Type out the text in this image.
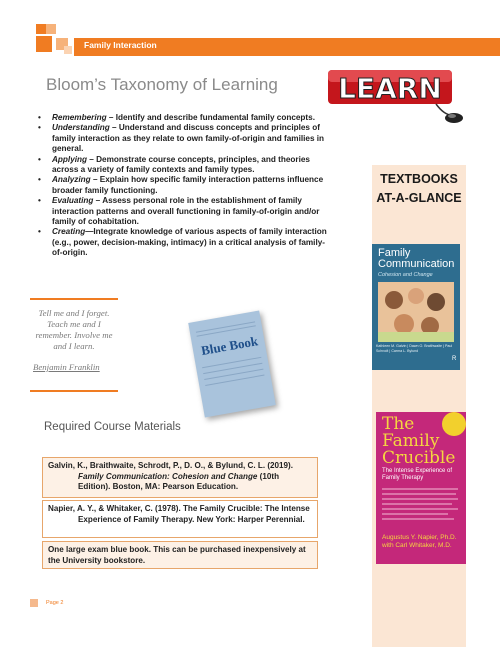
Family Interaction
Bloom’s Taxonomy of Learning LEARN
• Remembering – Identify and describe fundamental family concepts.
• Understanding – Understand and discuss concepts and principles of family interaction as they relate to own family-of-origin and families in general.
• Applying – Demonstrate course concepts, principles, and theories across a variety of family contexts and family types.
• Analyzing – Explain how specific family interaction patterns influence broader family functioning.
• Evaluating – Assess personal role in the establishment of family interaction patterns and overall functioning in family-of-origin and/or family of cohabitation.
• Creating—Integrate knowledge of various aspects of family interaction (e.g., power, decision-making, intimacy) in a critical analysis of family-of-origin.
TEXTBOOKS
AT-A-GLANCE
Family
Communication
Cohesion and Change
Kathleen M. Galvin | Dawn O. Braithwaite | Paul Schrodt | Carma L. Bylund
R
The
Family
Crucible
The Intense Experience of Family Therapy
Augustus Y. Napier, Ph.D.
with Carl Whitaker, M.D.
Tell me and I forget. Teach me and I remember. Involve me and I learn.
Benjamin Franklin
Blue Book
Required Course Materials
Galvin, K., Braithwaite, Schrodt, P., D. O., & Bylund, C. L. (2019).
Family Communication: Cohesion and Change (10th Edition). Boston, MA: Pearson Education.
Napier, A. Y., & Whitaker, C. (1978). The Family Crucible: The Intense
Experience of Family Therapy. New York: Harper Perennial.
One large exam blue book. This can be purchased inexpensively at the University bookstore.
Page 2
